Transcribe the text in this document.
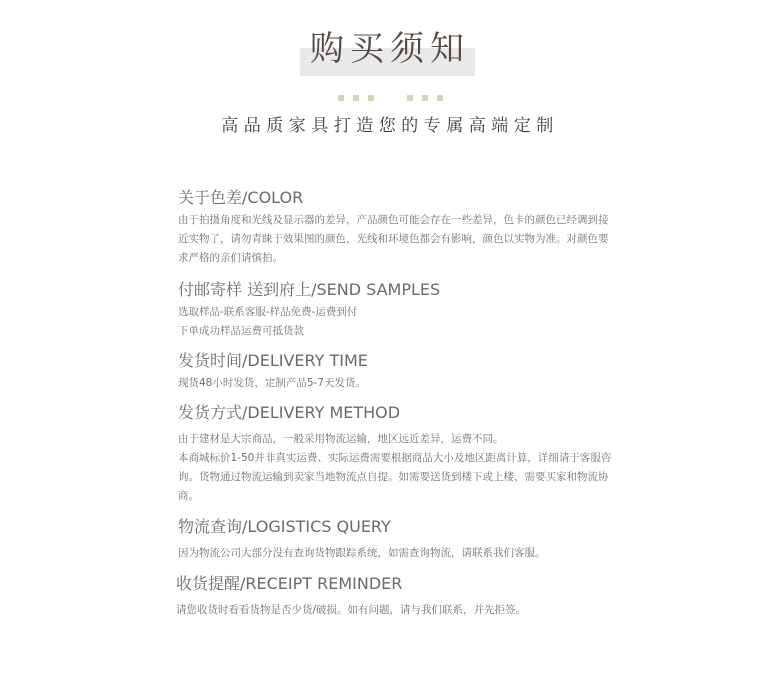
购买须知
高品质家具打造您的专属高端定制
关于色差/COLOR

由于拍摄角度和光线及显示器的差异，产品颜色可能会存在一些差异，色卡的颜色已经调到接近实物了，请勿青睐于效果图的颜色，光线和环境色都会有影响，颜色以实物为准。对颜色要求严格的亲们请慎拍。

付邮寄样 送到府上/SEND SAMPLES

选取样品-联系客服-样品免费-运费到付

下单成功样品运费可抵货款

发货时间/DELIVERY TIME

现货48小时发货，定制产品5-7天发货。

发货方式/DELIVERY METHOD

由于建材是大宗商品，一般采用物流运输，地区远近差异，运费不同。

本商城标价1-50并非真实运费、实际运费需要根据商品大小及地区距离计算，详细请于客服咨询。货物通过物流运输到卖家当地物流点自提。如需要送货到楼下或上楼，需要买家和物流协商。

物流查询/LOGISTICS QUERY

因为物流公司大部分没有查询货物跟踪系统，如需查询物流，请联系我们客服。

收货提醒/RECEIPT REMINDER

请您收货时看看货物是否少货/破损。如有问题，请与我们联系，并先拒签。
